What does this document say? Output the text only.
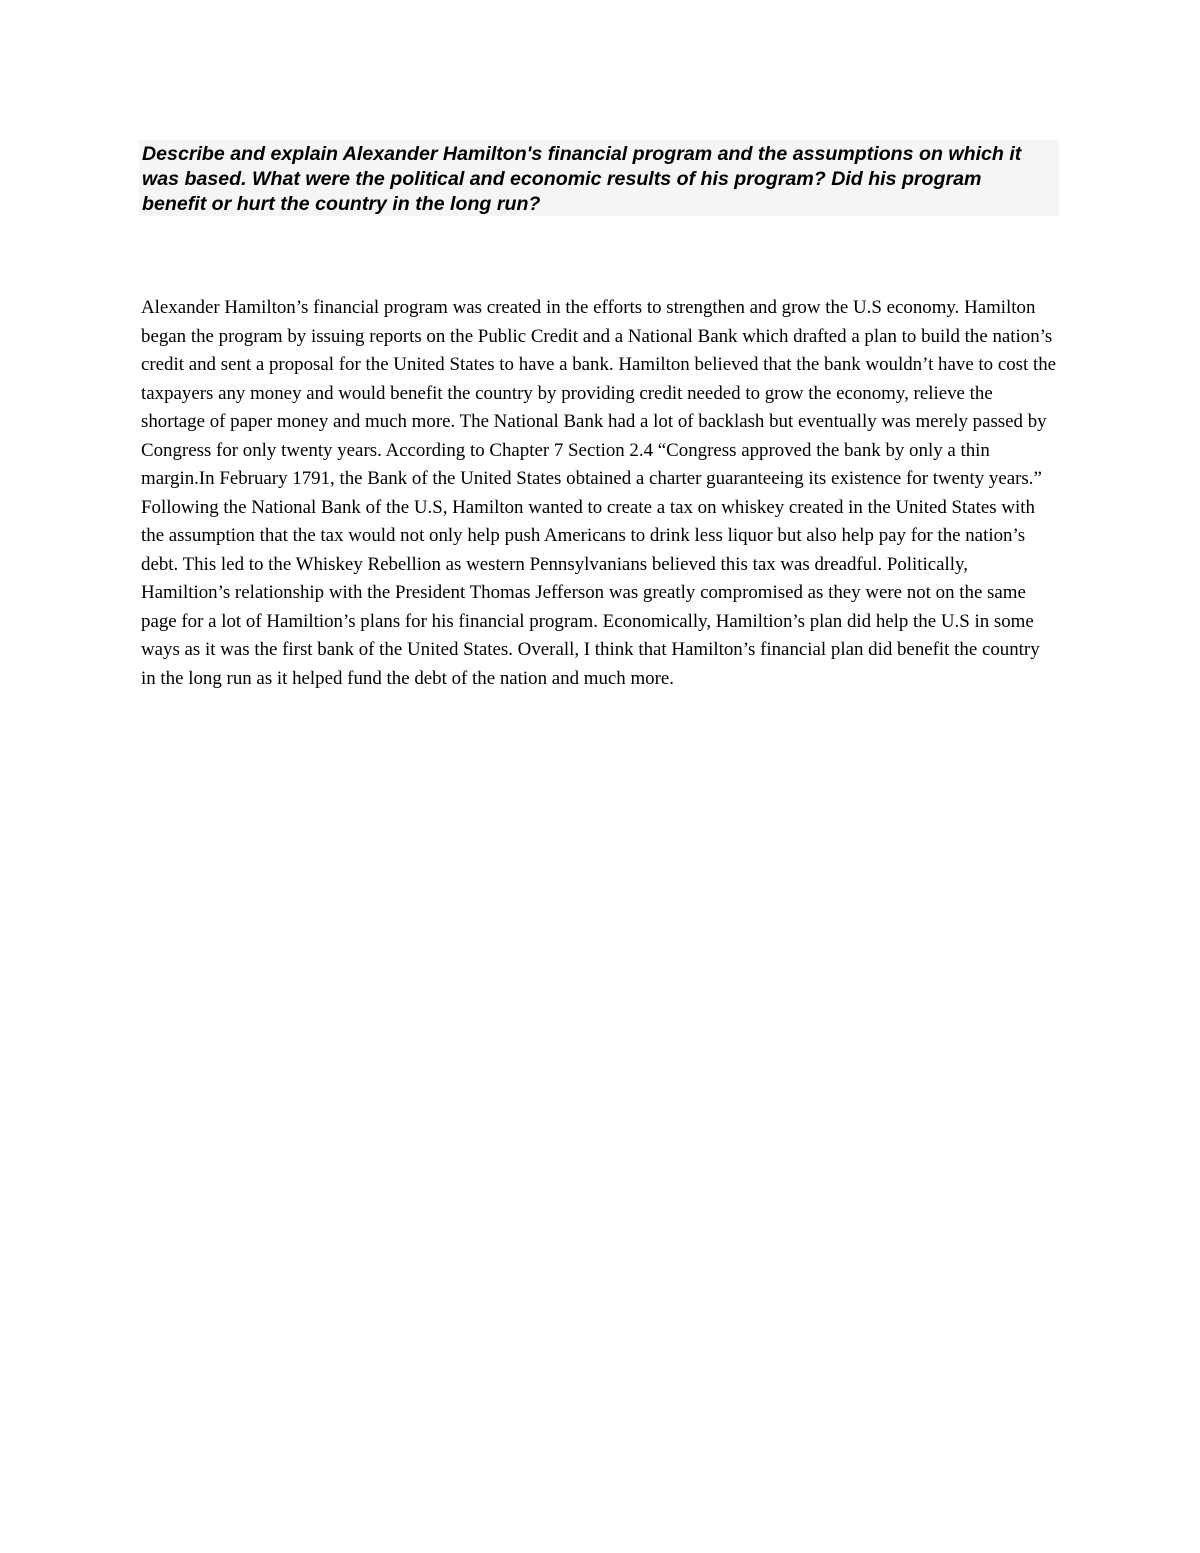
Describe and explain Alexander Hamilton's financial program and the assumptions on which it was based. What were the political and economic results of his program? Did his program benefit or hurt the country in the long run?

Alexander Hamilton’s financial program was created in the efforts to strengthen and grow the U.S economy. Hamilton began the program by issuing reports on the Public Credit and a National Bank which drafted a plan to build the nation’s credit and sent a proposal for the United States to have a bank. Hamilton believed that the bank wouldn’t have to cost the taxpayers any money and would benefit the country by providing credit needed to grow the economy, relieve the shortage of paper money and much more. The National Bank had a lot of backlash but eventually was merely passed by Congress for only twenty years. According to Chapter 7 Section 2.4 “Congress approved the bank by only a thin margin.In February 1791, the Bank of the United States obtained a charter guaranteeing its existence for twenty years.” Following the National Bank of the U.S, Hamilton wanted to create a tax on whiskey created in the United States with the assumption that the tax would not only help push Americans to drink less liquor but also help pay for the nation’s debt. This led to the Whiskey Rebellion as western Pennsylvanians believed this tax was dreadful. Politically, Hamiltion’s relationship with the President Thomas Jefferson was greatly compromised as they were not on the same page for a lot of Hamiltion’s plans for his financial program. Economically, Hamiltion’s plan did help the U.S in some ways as it was the first bank of the United States. Overall, I think that Hamilton’s financial plan did benefit the country in the long run as it helped fund the debt of the nation and much more.
